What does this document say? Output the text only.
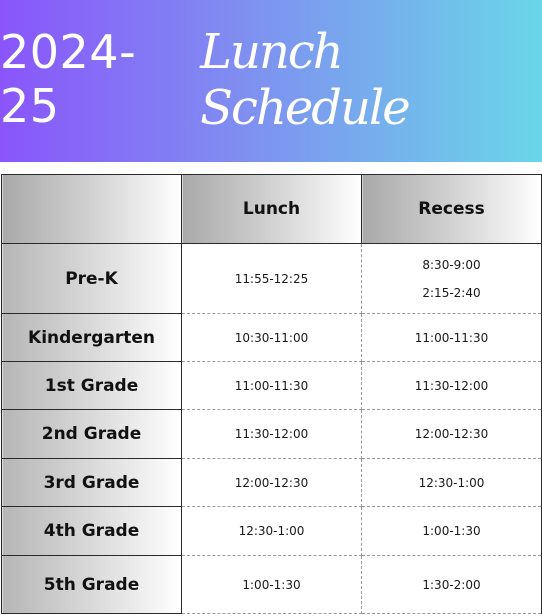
2024-25
Lunch Schedule
	Lunch	Recess
Pre-K	11:55-12:25	8:30-9:00
2:15-2:40

Kindergarten	10:30-11:00	11:00-11:30
1st Grade	11:00-11:30	11:30-12:00
2nd Grade	11:30-12:00	12:00-12:30
3rd Grade	12:00-12:30	12:30-1:00
4th Grade	12:30-1:00	1:00-1:30
5th Grade	1:00-1:30	1:30-2:00
